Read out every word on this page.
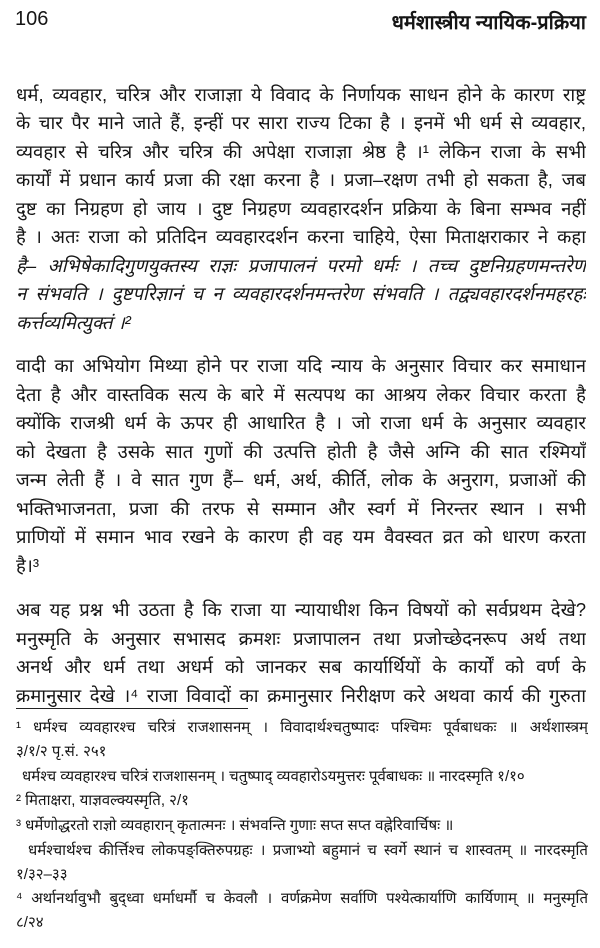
106	धर्मशास्त्रीय न्यायिक-प्रक्रिया
धर्म, व्यवहार, चरित्र और राजाज्ञा ये विवाद के निर्णायक साधन होने के कारण राष्ट्र
के चार पैर माने जाते हैं, इन्हीं पर सारा राज्य टिका है । इनमें भी धर्म से व्यवहार,
व्यवहार से चरित्र और चरित्र की अपेक्षा राजाज्ञा श्रेष्ठ है ।¹ लेकिन राजा के सभी
कार्यों में प्रधान कार्य प्रजा की रक्षा करना है । प्रजा–रक्षण तभी हो सकता है, जब
दुष्ट का निग्रहण हो जाय । दुष्ट निग्रहण व्यवहारदर्शन प्रक्रिया के बिना सम्भव नहीं
है । अतः राजा को प्रतिदिन व्यवहारदर्शन करना चाहिये, ऐसा मिताक्षराकार ने कहा
है– अभिषेकादिगुणयुक्तस्य राज्ञः प्रजापालनं परमो धर्मः । तच्च दुष्टनिग्रहणमन्तरेण
न संभवति । दुष्टपरिज्ञानं च न व्यवहारदर्शनमन्तरेण संभवति । तद्व्यवहारदर्शनमहरहः
कर्त्तव्यमित्युक्तं ।²
वादी का अभियोग मिथ्या होने पर राजा यदि न्याय के अनुसार विचार कर समाधान
देता है और वास्तविक सत्य के बारे में सत्यपथ का आश्रय लेकर विचार करता है
क्योंकि राजश्री धर्म के ऊपर ही आधारित है । जो राजा धर्म के अनुसार व्यवहार
को देखता है उसके सात गुणों की उत्पत्ति होती है जैसे अग्नि की सात रश्मियाँ
जन्म लेती हैं । वे सात गुण हैं– धर्म, अर्थ, कीर्ति, लोक के अनुराग, प्रजाओं की
भक्तिभाजनता, प्रजा की तरफ से सम्मान और स्वर्ग में निरन्तर स्थान । सभी
प्राणियों में समान भाव रखने के कारण ही वह यम वैवस्वत व्रत को धारण करता
है।³
अब यह प्रश्न भी उठता है कि राजा या न्यायाधीश किन विषयों को सर्वप्रथम देखे?
मनुस्मृति के अनुसार सभासद क्रमशः प्रजापालन तथा प्रजोच्छेदनरूप अर्थ तथा
अनर्थ और धर्म तथा अधर्म को जानकर सब कार्यार्थियों के कार्यों को वर्ण के
क्रमानुसार देखे ।⁴ राजा विवादों का क्रमानुसार निरीक्षण करे अथवा कार्य की गुरुता
¹ धर्मश्च व्यवहारश्च चरित्रं राजशासनम् । विवादार्थश्चतुष्पादः पश्चिमः पूर्वबाधकः ॥ अर्थशास्त्रम्
३/१/२ पृ.सं. २५१
धर्मश्च व्यवहारश्च चरित्रं राजशासनम् । चतुष्पाद् व्यवहारोऽयमुत्तरः पूर्वबाधकः ॥ नारदस्मृति १/१०
² मिताक्षरा, याज्ञवल्क्यस्मृति, २/१
³ धर्मेणोद्धरतो राज्ञो व्यवहारान् कृतात्मनः । संभवन्ति गुणाः सप्त सप्त वह्नेरिवार्चिषः ॥
धर्मश्चार्थश्च कीर्त्तिश्च लोकपङ्क्तिरुपग्रहः । प्रजाभ्यो बहुमानं च स्वर्गे स्थानं च शास्वतम् ॥ नारदस्मृति
१/३२–३३
⁴ अर्थानर्थावुभौ बुद्ध्वा धर्माधर्मौ च केवलौ । वर्णक्रमेण सर्वाणि पश्येत्कार्याणि कार्यिणाम् ॥ मनुस्मृति
८/२४
